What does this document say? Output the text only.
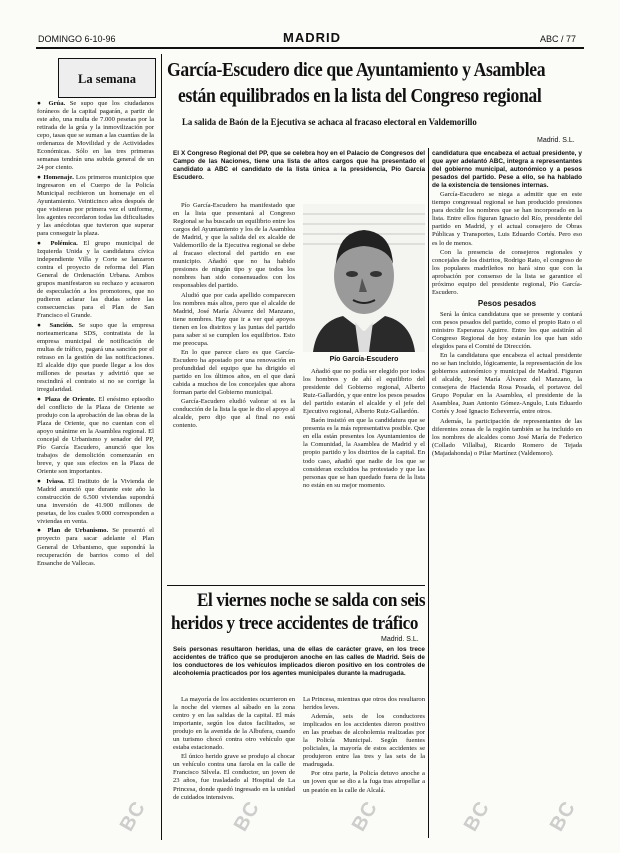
DOMINGO 6-10-96	MADRID	ABC / 77
La semana

● Grúa. Se supo que los ciudadanos foráneos de la capital pagarán, a partir de este año, una multa de 7.000 pesetas por la retirada de la grúa y la inmovilización por cepo, tasas que se suman a las cuantías de la ordenanza de Movilidad y de Actividades Económicas. Sólo en las tres primeras semanas tendrán una subida general de un 24 por ciento.

● Homenaje. Los primeros municipios que ingresaron en el Cuerpo de la Policía Municipal recibieron un homenaje en el Ayuntamiento. Veinticinco años después de que vistieran por primera vez el uniforme, los agentes recordaron todas las dificultades y las anécdotas que tuvieron que superar para conseguir la plaza.

● Polémica. El grupo municipal de Izquierda Unida y la candidatura cívica independiente Villa y Corte se lanzaron contra el proyecto de reforma del Plan General de Ordenación Urbana. Ambos grupos manifestaron su rechazo y acusaron de especulación a los promotores, que no pudieron aclarar las dudas sobre las consecuencias para el Plan de San Francisco el Grande.

● Sanción. Se supo que la empresa norteamericana SDS, contratista de la empresa municipal de notificación de multas de tráfico, pagará una sanción por el retraso en la gestión de las notificaciones. El alcalde dijo que puede llegar a los dos millones de pesetas y advirtió que se rescindirá el contrato si no se corrige la irregularidad.

● Plaza de Oriente. El enésimo episodio del conflicto de la Plaza de Oriente se produjo con la aprobación de las obras de la Plaza de Oriente, que no cuentan con el apoyo unánime en la Asamblea regional. El concejal de Urbanismo y senador del PP, Pío García Escudero, anunció que los trabajos de demolición comenzarán en breve, y que sus efectos en la Plaza de Oriente son importantes.

● Iviasa. El Instituto de la Vivienda de Madrid anunció que durante este año la construcción de 6.500 viviendas supondrá una inversión de 41.900 millones de pesetas, de los cuales 9.000 corresponden a viviendas en venta.

● Plan de Urbanismo. Se presentó el proyecto para sacar adelante el Plan General de Urbanismo, que supondrá la recuperación de barrios como el del Ensanche de Vallecas.

García-Escudero dice que Ayuntamiento y Asamblea
están equilibrados en la lista del Congreso regional
La salida de Baón de la Ejecutiva se achaca al fracaso electoral en Valdemorillo
Madrid. S.L.

El X Congreso Regional del PP, que se celebra hoy en el Palacio de Congresos del Campo de las Naciones, tiene una lista de altos cargos que ha presentado el candidato a ABC el candidato de la lista única a la presidencia, Pío García Escudero.

Pío García-Escudero ha manifestado que en la lista que presentará al Congreso Regional se ha buscado un equilibrio entre los cargos del Ayuntamiento y los de la Asamblea de Madrid, y que la salida del ex alcalde de Valdemorillo de la Ejecutiva regional se debe al fracaso electoral del partido en ese municipio. Añadió que no ha habido presiones de ningún tipo y que todos los nombres han sido consensuados con los responsables del partido.

Aludió que por cada apellido comparecen los nombres más altos, pero que el alcalde de Madrid, José María Álvarez del Manzano, tiene nombres. Hay que ir a ver qué apoyos tienen en los distritos y las juntas del partido para saber si se cumplen los equilibrios. Esto me preocupa.

En lo que parece claro es que García-Escudero ha apostado por una renovación en profundidad del equipo que ha dirigido el partido en los últimos años, en el que dará cabida a muchos de los concejales que ahora forman parte del Gobierno municipal.

García-Escudero eludió valorar si es la conducción de la lista la que le dio el apoyo al alcalde, pero dijo que al final no está contento.

Pío García-Escudero

Añadió que no podía ser elegido por todos los hombres y de ahí el equilibrio del presidente del Gobierno regional, Alberto Ruiz-Gallardón, y que entre los pesos pesados del partido estarán el alcalde y el jefe del Ejecutivo regional, Alberto Ruiz-Gallardón.

Baón insistió en que la candidatura que se presenta es la más representativa posible. Que en ella están presentes los Ayuntamientos de la Comunidad, la Asamblea de Madrid y el propio partido y los distritos de la capital. En todo caso, añadió que nadie de los que se consideran excluidos ha protestado y que las personas que se han quedado fuera de la lista no están en su mejor momento.

candidatura que encabeza el actual presidente, y que ayer adelantó ABC, integra a representantes del gobierno municipal, autonómico y a pesos pesados del partido. Pese a ello, se ha hablado de la existencia de tensiones internas.

García-Escudero se niega a admitir que en este tiempo congresual regional se han producido presiones para decidir los nombres que se han incorporado en la lista. Entre ellos figuran Ignacio del Río, presidente del partido en Madrid, y el actual consejero de Obras Públicas y Transportes, Luis Eduardo Cortés. Pero eso es lo de menos.

Con la presencia de consejeros regionales y concejales de los distritos, Rodrigo Rato, el congreso de los populares madrileños no hará sino que con la aprobación por consenso de la lista se garantice el próximo equipo del presidente regional, Pío García-Escudero.

Pesos pesados

Será la única candidatura que se presente y contará con pesos pesados del partido, como el propio Rato o el ministro Esperanza Aguirre. Entre los que asistirán al Congreso Regional de hoy estarán los que han sido elegidos para el Comité de Dirección.

En la candidatura que encabeza el actual presidente no se han incluido, lógicamente, la representación de los gobiernos autonómico y municipal de Madrid. Figuran el alcalde, José María Álvarez del Manzano, la consejera de Hacienda Rosa Posada, el portavoz del Grupo Popular en la Asamblea, el presidente de la Asamblea, Juan Antonio Gómez-Angulo, Luis Eduardo Cortés y José Ignacio Echeverría, entre otros.

Además, la participación de representantes de las diferentes zonas de la región también se ha incluido en los nombres de alcaldes como José María de Federico (Collado Villalba), Ricardo Romero de Tejada (Majadahonda) o Pilar Martínez (Valdemoro).

El viernes noche se salda con seis
heridos y trece accidentes de tráfico
Madrid. S.L.

Seis personas resultaron heridas, una de ellas de carácter grave, en los trece accidentes de tráfico que se produjeron anoche en las calles de Madrid. Seis de los conductores de los vehículos implicados dieron positivo en los controles de alcoholemia practicados por los agentes municipales durante la madrugada.

La mayoría de los accidentes ocurrieron en la noche del viernes al sábado en la zona centro y en las salidas de la capital. El más importante, según los datos facilitados, se produjo en la avenida de la Albufera, cuando un turismo chocó contra otro vehículo que estaba estacionado.

El único herido grave se produjo al chocar un vehículo contra una farola en la calle de Francisco Silvela. El conductor, un joven de 23 años, fue trasladado al Hospital de La Princesa, donde quedó ingresado en la unidad de cuidados intensivos.

La Princesa, mientras que otros dos resultaron heridos leves.

Además, seis de los conductores implicados en los accidentes dieron positivo en las pruebas de alcoholemia realizadas por la Policía Municipal. Según fuentes policiales, la mayoría de estos accidentes se produjeron entre las tres y las seis de la madrugada.

Por otra parte, la Policía detuvo anoche a un joven que se dio a la fuga tras atropellar a un peatón en la calle de Alcalá.

BC	BC	BC	BC	BC
